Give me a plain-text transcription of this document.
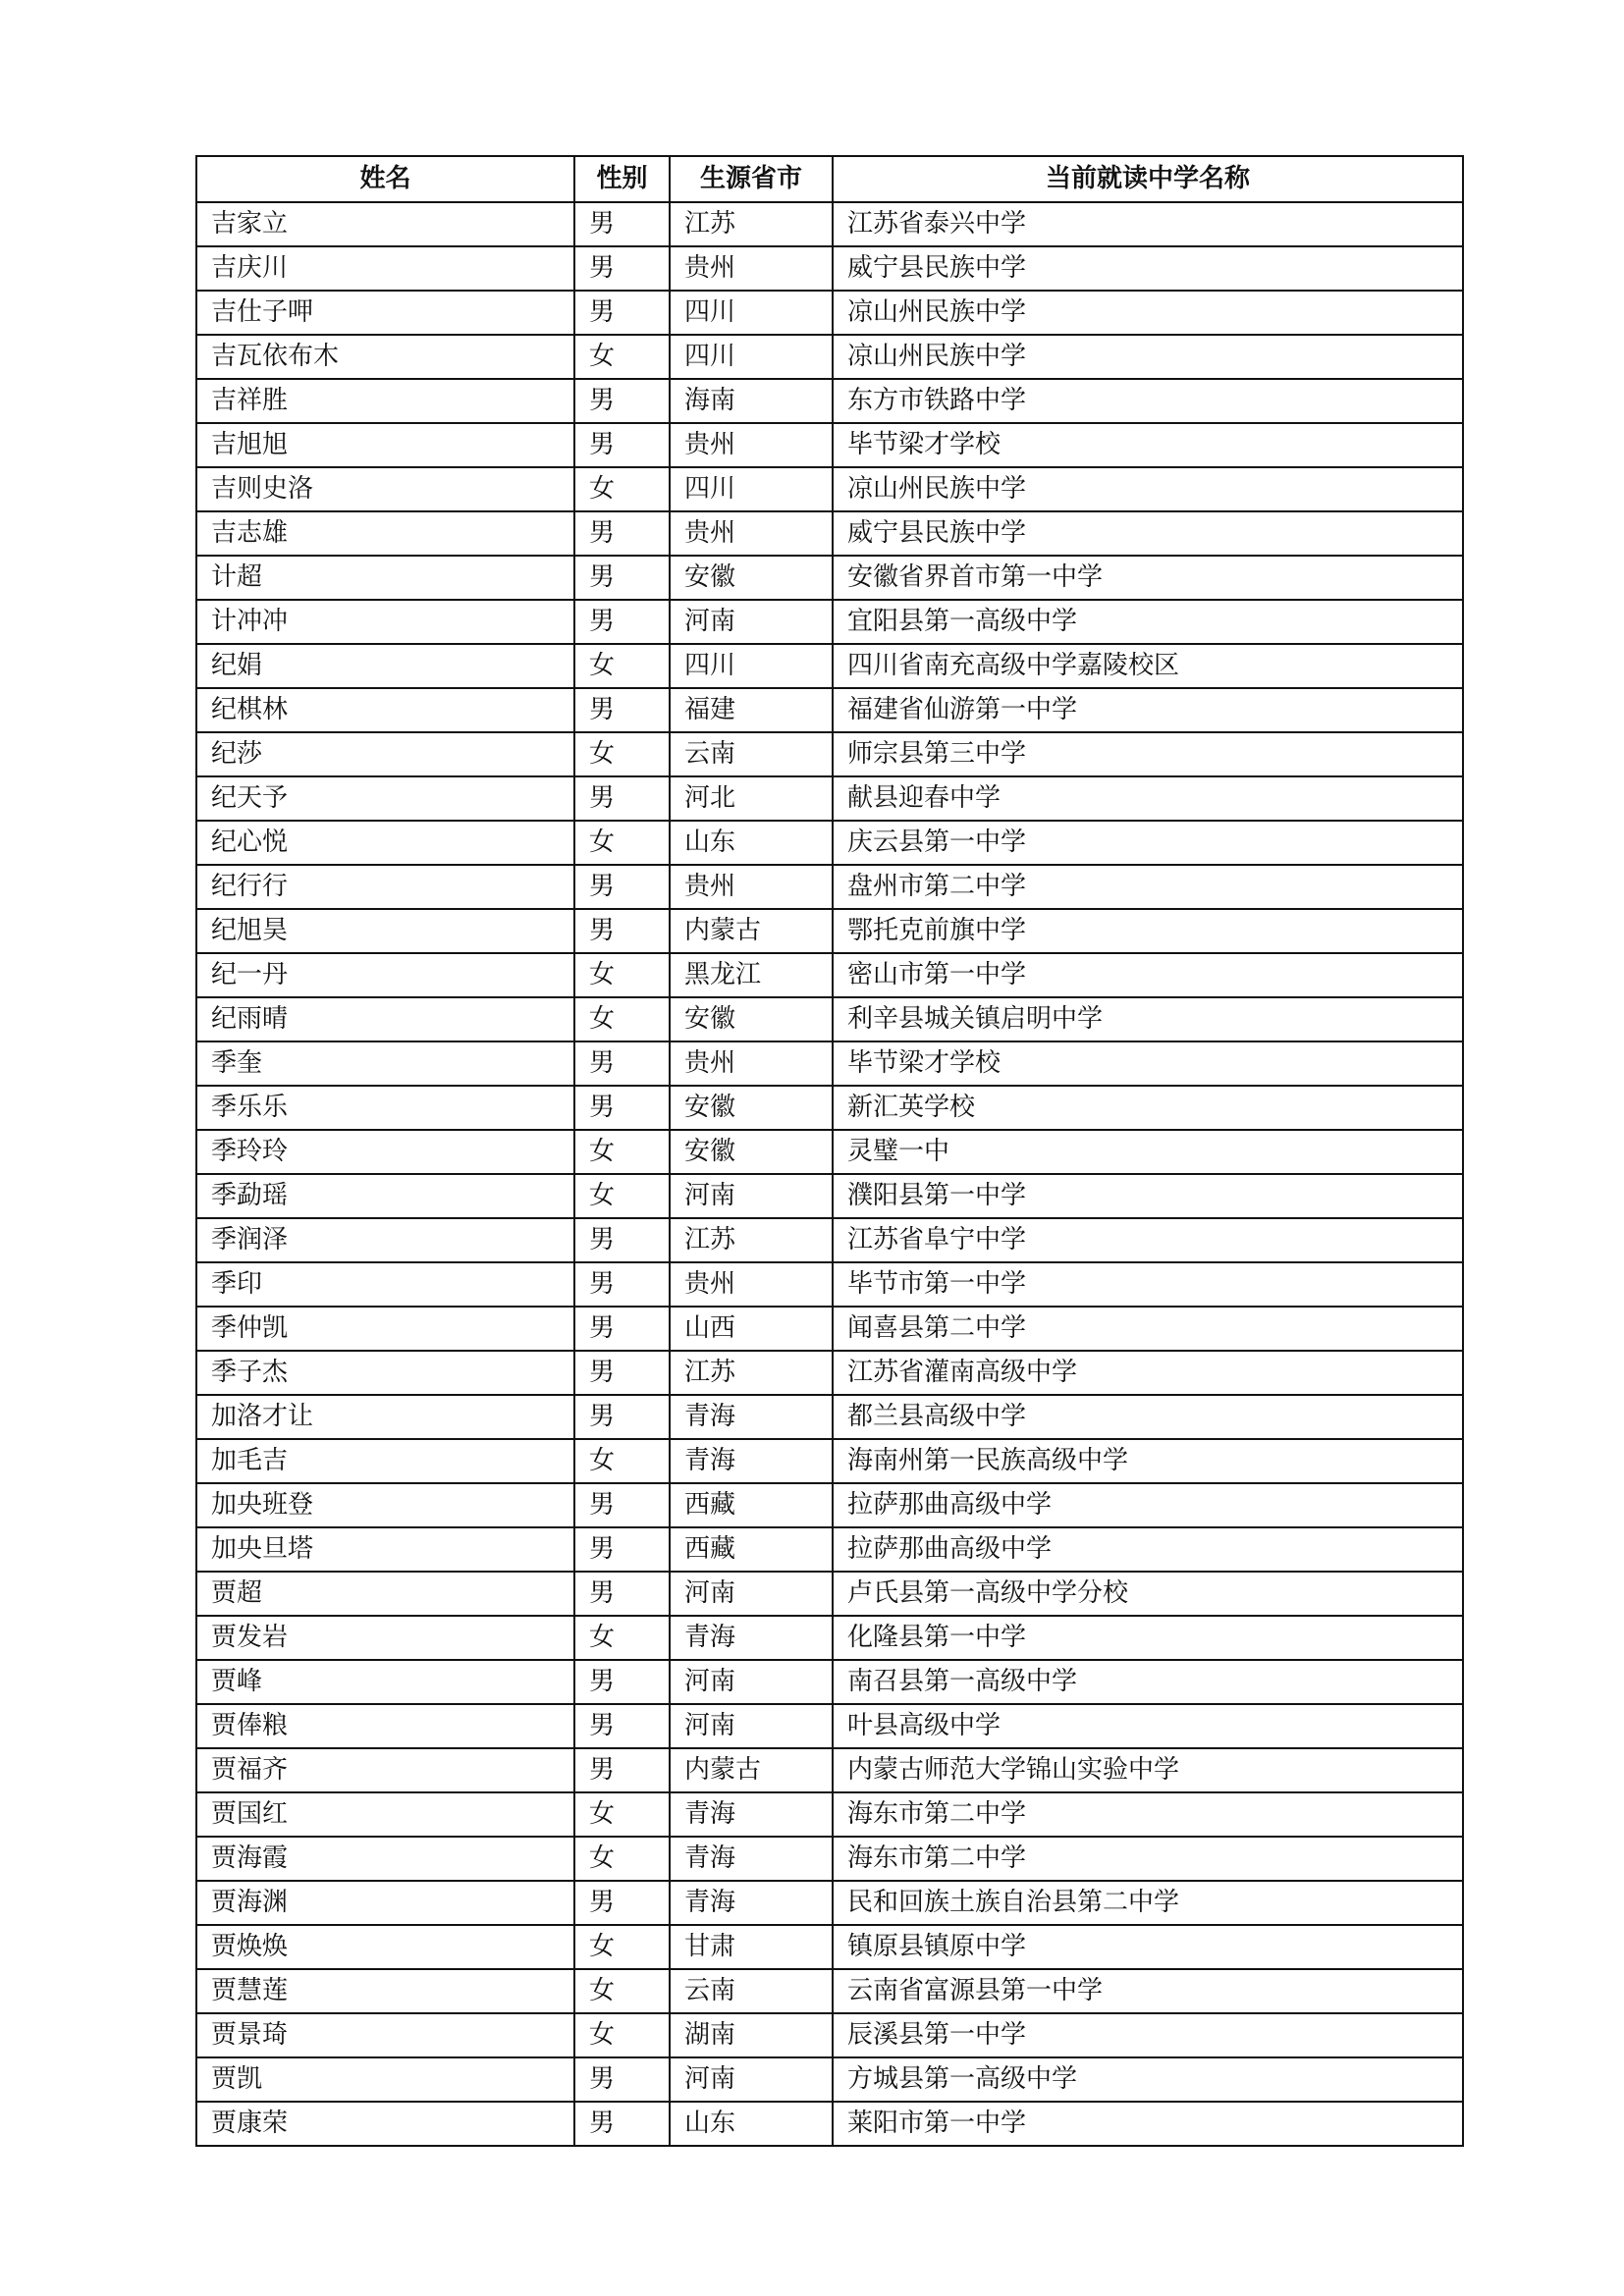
姓名	性别	生源省市	当前就读中学名称
吉家立	男	江苏	江苏省泰兴中学
吉庆川	男	贵州	威宁县民族中学
吉仕子呷	男	四川	凉山州民族中学
吉瓦依布木	女	四川	凉山州民族中学
吉祥胜	男	海南	东方市铁路中学
吉旭旭	男	贵州	毕节梁才学校
吉则史洛	女	四川	凉山州民族中学
吉志雄	男	贵州	威宁县民族中学
计超	男	安徽	安徽省界首市第一中学
计冲冲	男	河南	宜阳县第一高级中学
纪娟	女	四川	四川省南充高级中学嘉陵校区
纪棋林	男	福建	福建省仙游第一中学
纪莎	女	云南	师宗县第三中学
纪天予	男	河北	献县迎春中学
纪心悦	女	山东	庆云县第一中学
纪行行	男	贵州	盘州市第二中学
纪旭昊	男	内蒙古	鄂托克前旗中学
纪一丹	女	黑龙江	密山市第一中学
纪雨晴	女	安徽	利辛县城关镇启明中学
季奎	男	贵州	毕节梁才学校
季乐乐	男	安徽	新汇英学校
季玲玲	女	安徽	灵璧一中
季勐瑶	女	河南	濮阳县第一中学
季润泽	男	江苏	江苏省阜宁中学
季印	男	贵州	毕节市第一中学
季仲凯	男	山西	闻喜县第二中学
季子杰	男	江苏	江苏省灌南高级中学
加洛才让	男	青海	都兰县高级中学
加毛吉	女	青海	海南州第一民族高级中学
加央班登	男	西藏	拉萨那曲高级中学
加央旦塔	男	西藏	拉萨那曲高级中学
贾超	男	河南	卢氏县第一高级中学分校
贾发岩	女	青海	化隆县第一中学
贾峰	男	河南	南召县第一高级中学
贾俸粮	男	河南	叶县高级中学
贾福齐	男	内蒙古	内蒙古师范大学锦山实验中学
贾国红	女	青海	海东市第二中学
贾海霞	女	青海	海东市第二中学
贾海渊	男	青海	民和回族土族自治县第二中学
贾焕焕	女	甘肃	镇原县镇原中学
贾慧莲	女	云南	云南省富源县第一中学
贾景琦	女	湖南	辰溪县第一中学
贾凯	男	河南	方城县第一高级中学
贾康荣	男	山东	莱阳市第一中学
